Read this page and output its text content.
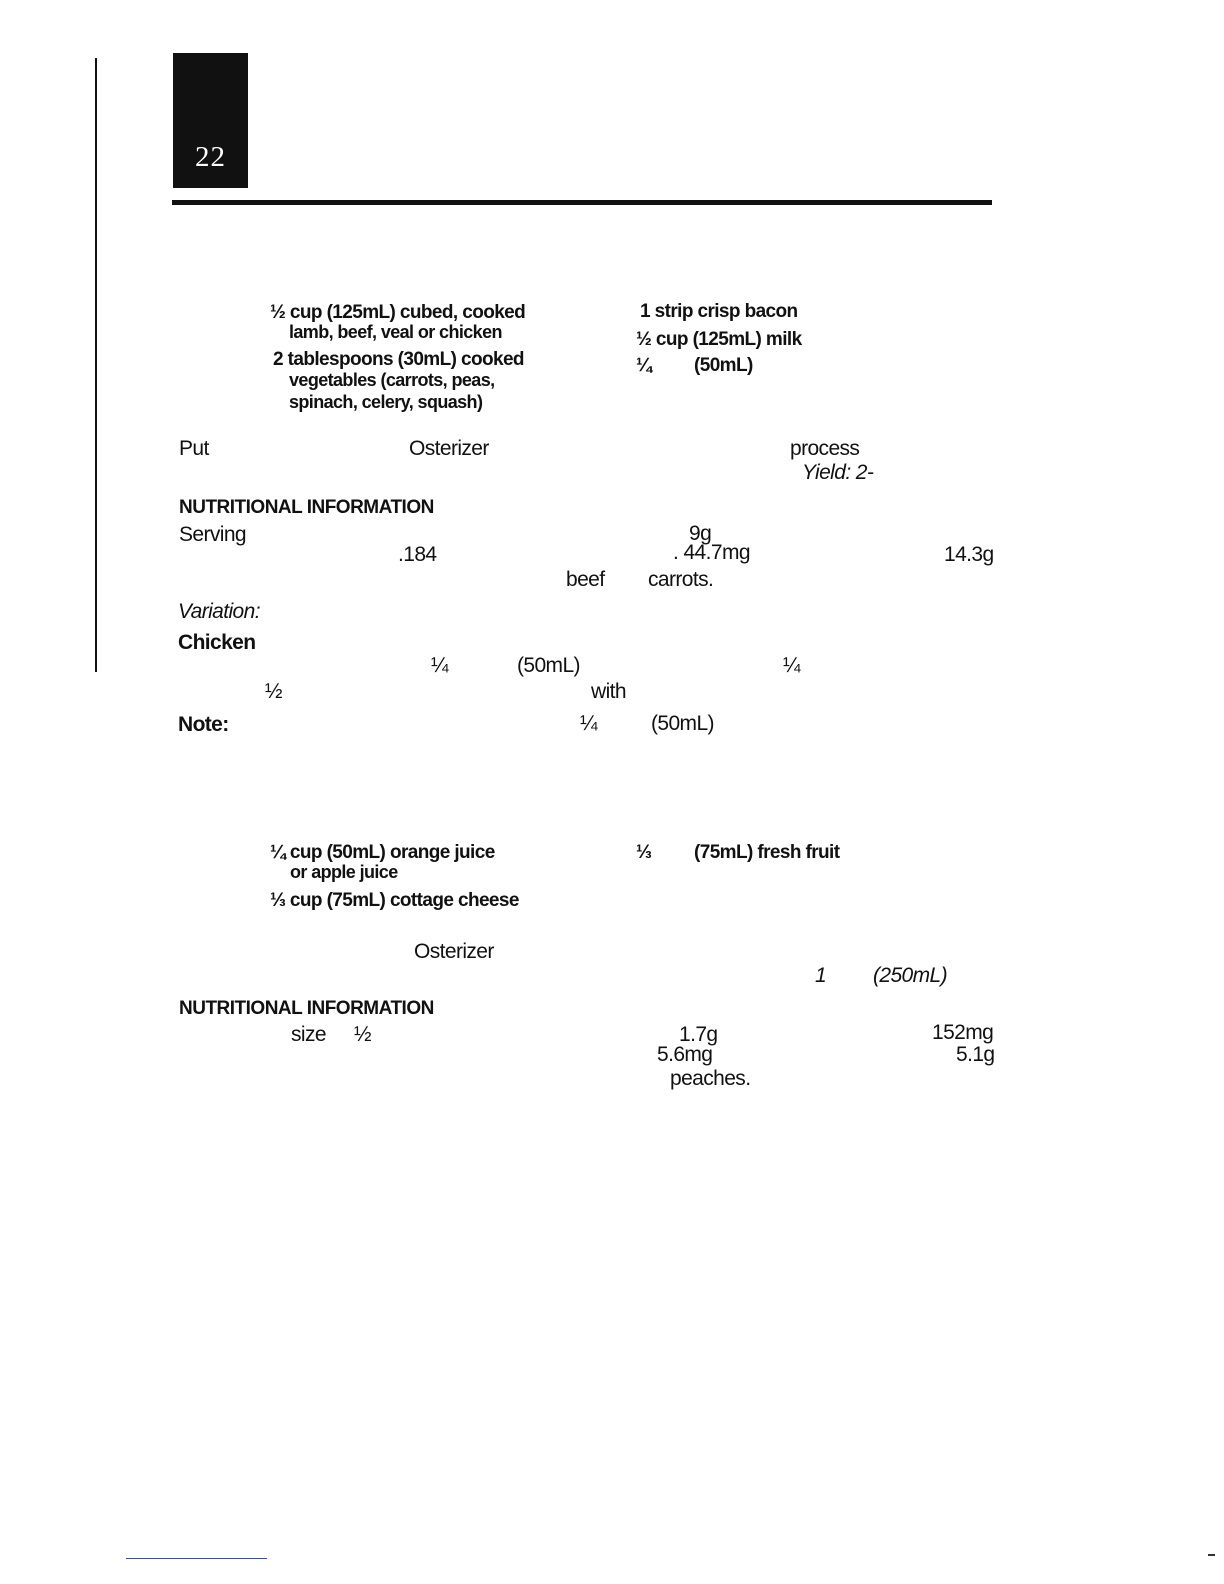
22
½ cup (125mL) cubed, cooked
lamb, beef, veal or chicken
2 tablespoons (30mL) cooked
vegetables (carrots, peas,
spinach, celery, squash)
1 strip crisp bacon
½ cup (125mL) milk
¼ (50mL)
Put	Osterizer	process
Yield: 2-
NUTRITIONAL INFORMATION
Serving	9g
.184	. 44.7mg	14.3g
beef carrots.
Variation:
Chicken
¼	(50mL)	¼
½	with
Note:	¼	(50mL)
¼ cup (50mL) orange juice
or apple juice
⅓ cup (75mL) cottage cheese
⅓ (75mL) fresh fruit
Osterizer
1 (250mL)
NUTRITIONAL INFORMATION
size ½	1.7g	152mg
5.6mg	5.1g
peaches.
